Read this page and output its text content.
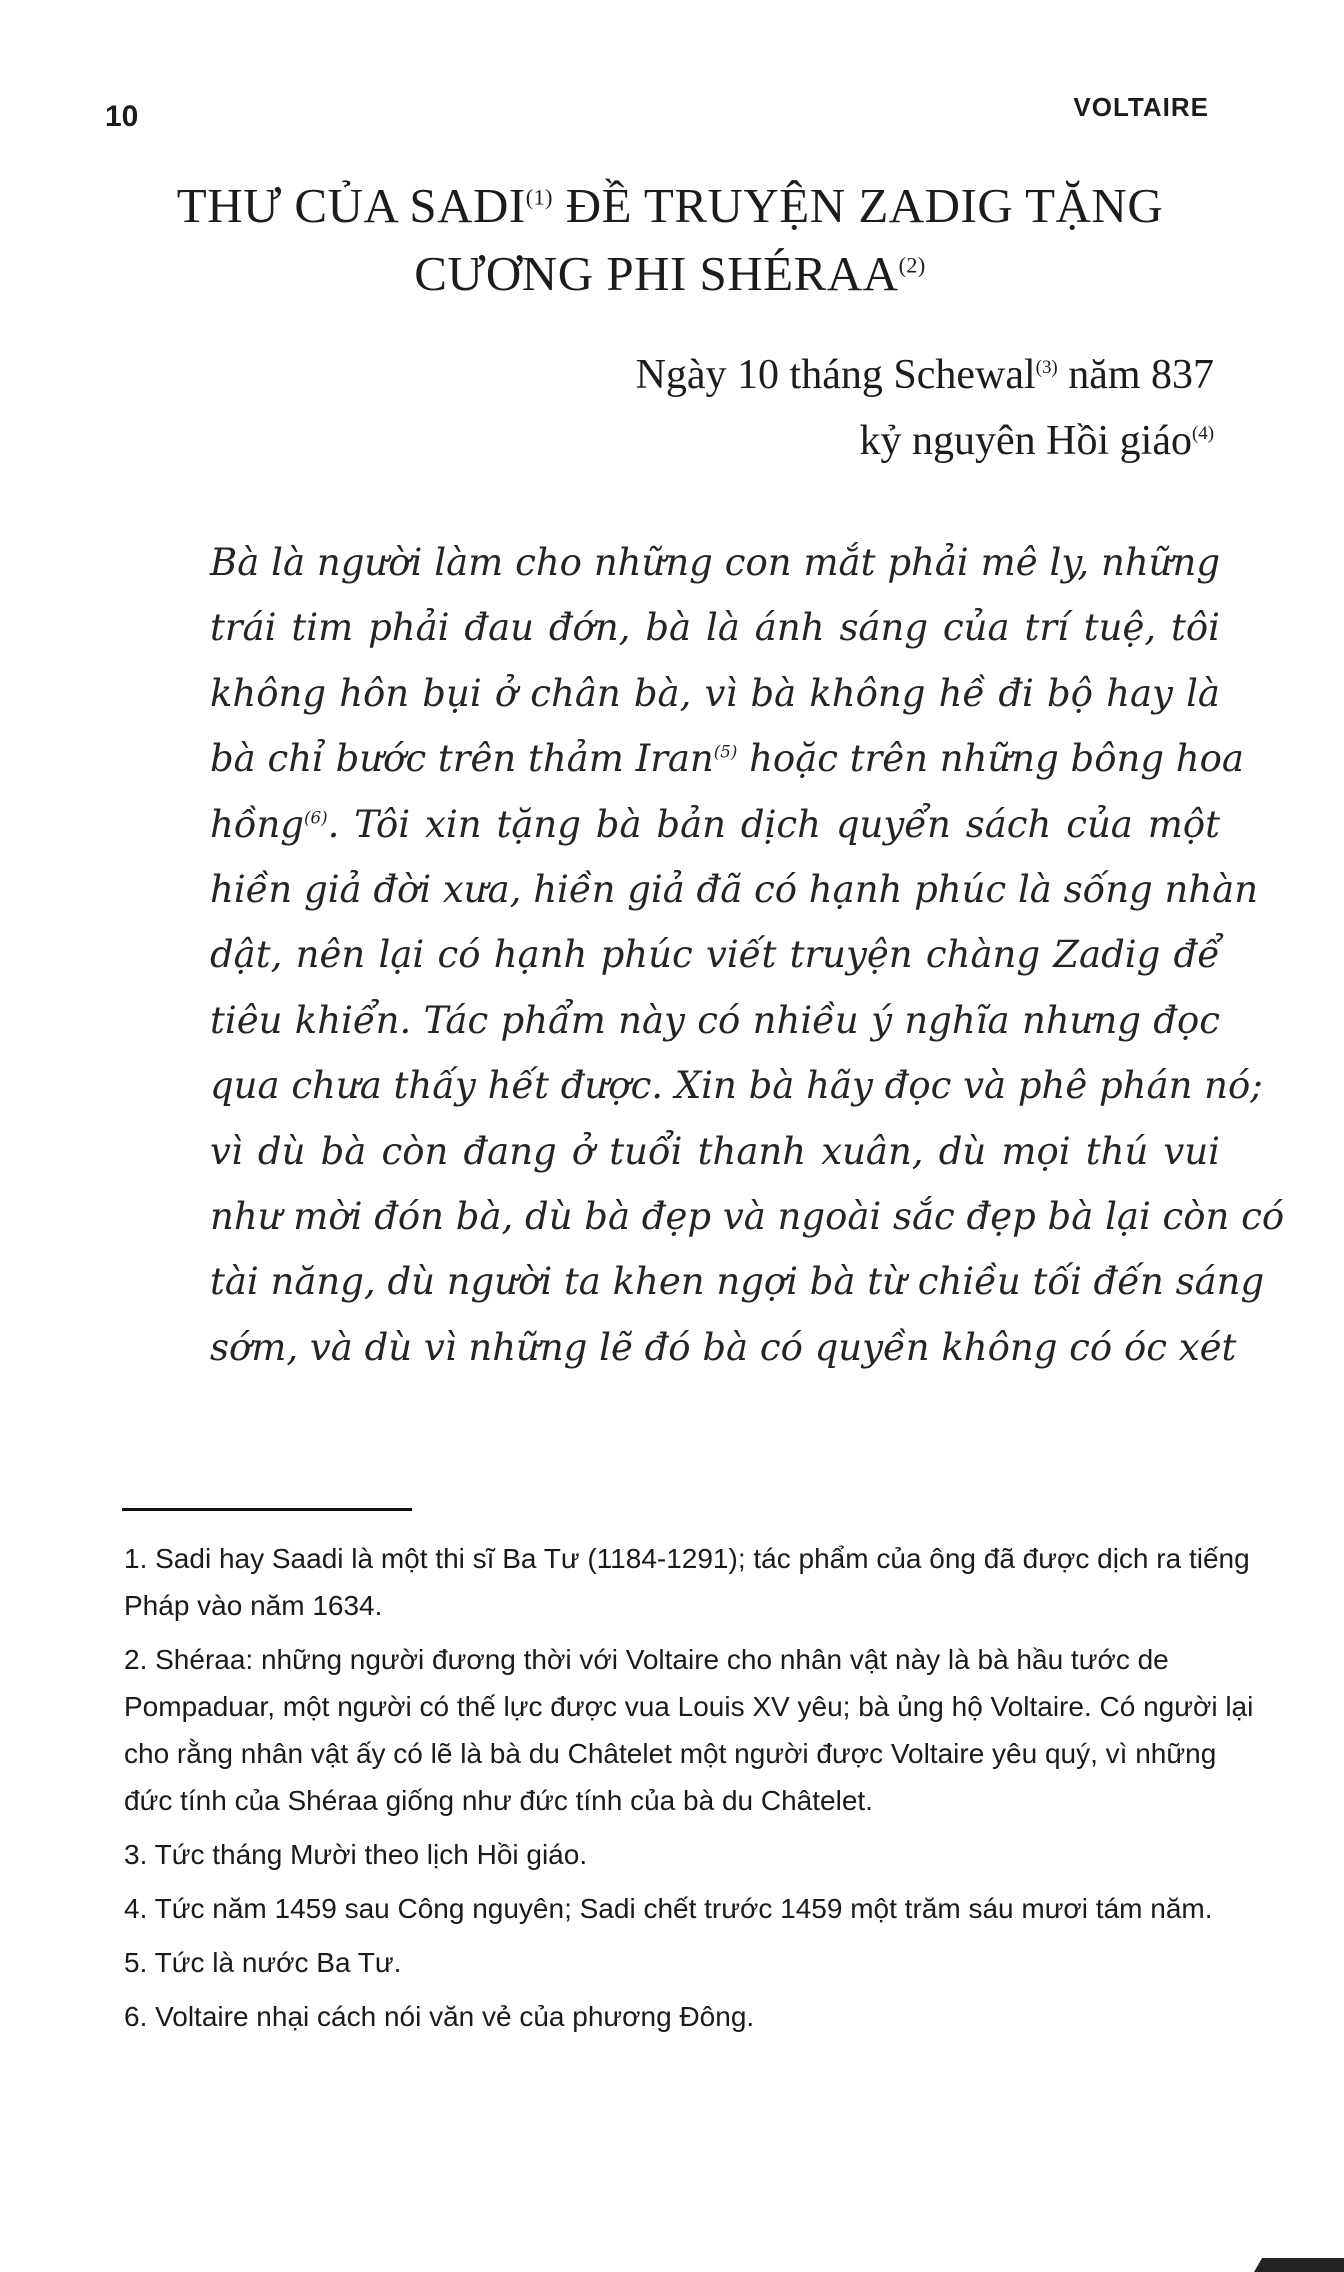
10	VOLTAIRE
THƯ CỦA SADI$^{(1)}$ ĐỀ TRUYỆN ZADIG TẶNG
CƯƠNG PHI SHÉRAA$^{(2)}$
Ngày 10 tháng Schewal$^{(3)}$ năm 837
kỷ nguyên Hồi giáo$^{(4)}$
Bà là người làm cho những con mắt phải mê ly, những
trái tim phải đau đớn, bà là ánh sáng của trí tuệ, tôi
không hôn bụi ở chân bà, vì bà không hề đi bộ hay là
bà chỉ bước trên thảm Iran$^{(5)}$ hoặc trên những bông hoa
hồng$^{(6)}$. Tôi xin tặng bà bản dịch quyển sách của một
hiền giả đời xưa, hiền giả đã có hạnh phúc là sống nhàn
dật, nên lại có hạnh phúc viết truyện chàng Zadig để
tiêu khiển. Tác phẩm này có nhiều ý nghĩa nhưng đọc
qua chưa thấy hết được. Xin bà hãy đọc và phê phán nó;
vì dù bà còn đang ở tuổi thanh xuân, dù mọi thú vui
như mời đón bà, dù bà đẹp và ngoài sắc đẹp bà lại còn có
tài năng, dù người ta khen ngợi bà từ chiều tối đến sáng
sớm, và dù vì những lẽ đó bà có quyền không có óc xét

1. Sadi hay Saadi là một thi sĩ Ba Tư (1184-1291); tác phẩm của ông đã được dịch ra tiếng Pháp vào năm 1634.

2. Shéraa: những người đương thời với Voltaire cho nhân vật này là bà hầu tước de Pompaduar, một người có thế lực được vua Louis XV yêu; bà ủng hộ Voltaire. Có người lại cho rằng nhân vật ấy có lẽ là bà du Châtelet một người được Voltaire yêu quý, vì những đức tính của Shéraa giống như đức tính của bà du Châtelet.

3. Tức tháng Mười theo lịch Hồi giáo.

4. Tức năm 1459 sau Công nguyên; Sadi chết trước 1459 một trăm sáu mươi tám năm.

5. Tức là nước Ba Tư.

6. Voltaire nhại cách nói văn vẻ của phương Đông.
